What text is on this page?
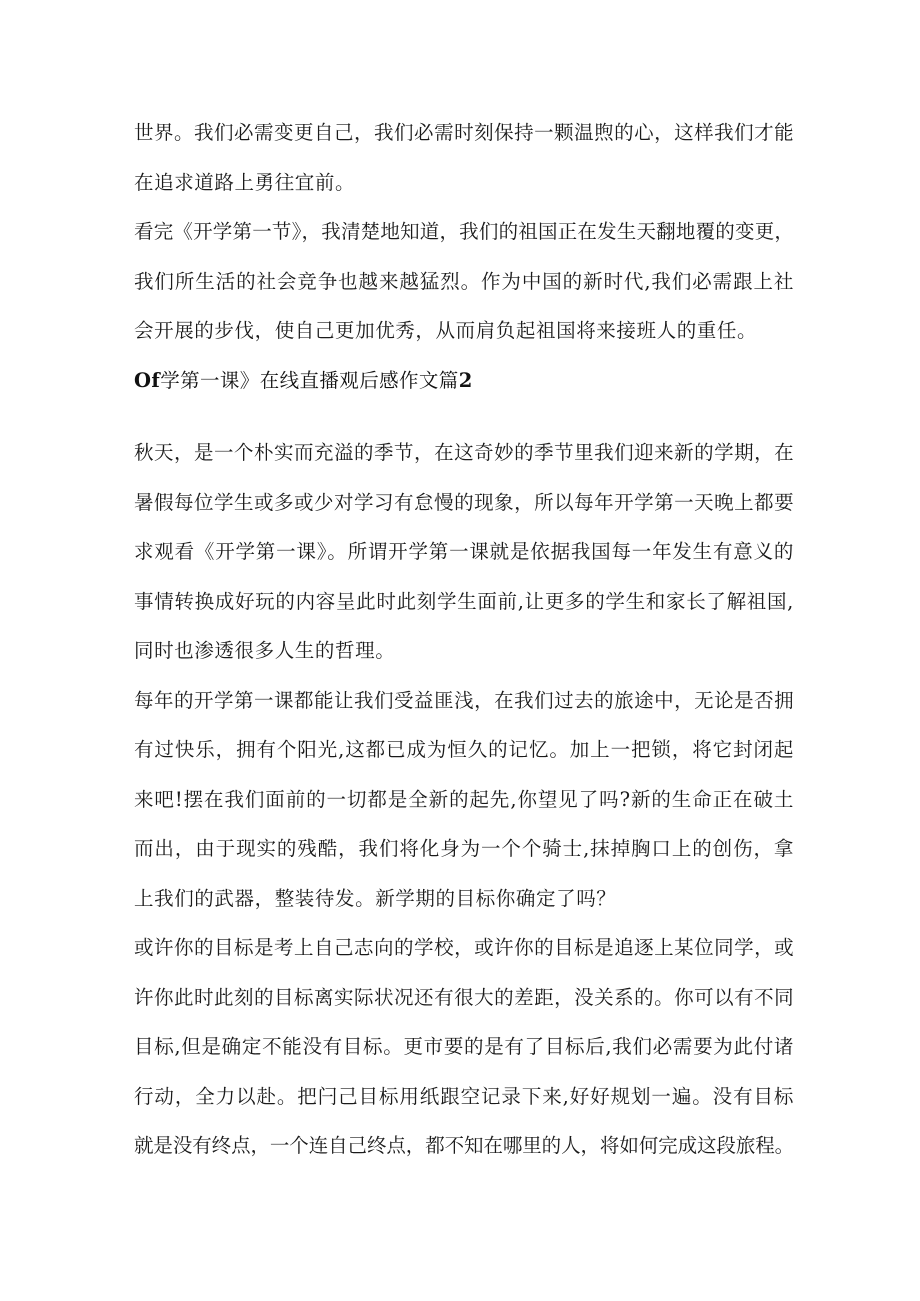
世界。我们必需变更自己，我们必需时刻保持一颗温煦的心，这样我们才能
在追求道路上勇往宜前。
看完《开学第一节》，我清楚地知道，我们的祖国正在发生天翻地覆的变更，
我们所生活的社会竞争也越来越猛烈。作为中国的新时代,我们必需跟上社
会开展的步伐，使自己更加优秀，从而肩负起祖国将来接班人的重任。
Of学第一课》在线直播观后感作文篇2
秋天，是一个朴实而充溢的季节，在这奇妙的季节里我们迎来新的学期，在
暑假每位学生或多或少对学习有怠慢的现象，所以每年开学第一天晚上都要
求观看《开学第一课》。所谓开学第一课就是依据我国每一年发生有意义的
事情转换成好玩的内容呈此时此刻学生面前,让更多的学生和家长了解祖国,
同时也渗透很多人生的哲理。
每年的开学第一课都能让我们受益匪浅，在我们过去的旅途中，无论是否拥
有过快乐，拥有个阳光,这都已成为恒久的记忆。加上一把锁，将它封闭起
来吧!摆在我们面前的一切都是全新的起先,你望见了吗?新的生命正在破土
而出，由于现实的残酷，我们将化身为一个个骑士,抹掉胸口上的创伤，拿
上我们的武器，整装待发。新学期的目标你确定了吗？
或许你的目标是考上自己志向的学校，或许你的目标是追逐上某位同学，或
许你此时此刻的目标离实际状况还有很大的差距，没关系的。你可以有不同
目标,但是确定不能没有目标。更市要的是有了目标后,我们必需要为此付诸
行动，全力以赴。把闩己目标用纸跟空记录下来,好好规划一遍。没有目标
就是没有终点，一个连自己终点，都不知在哪里的人，将如何完成这段旅程。
